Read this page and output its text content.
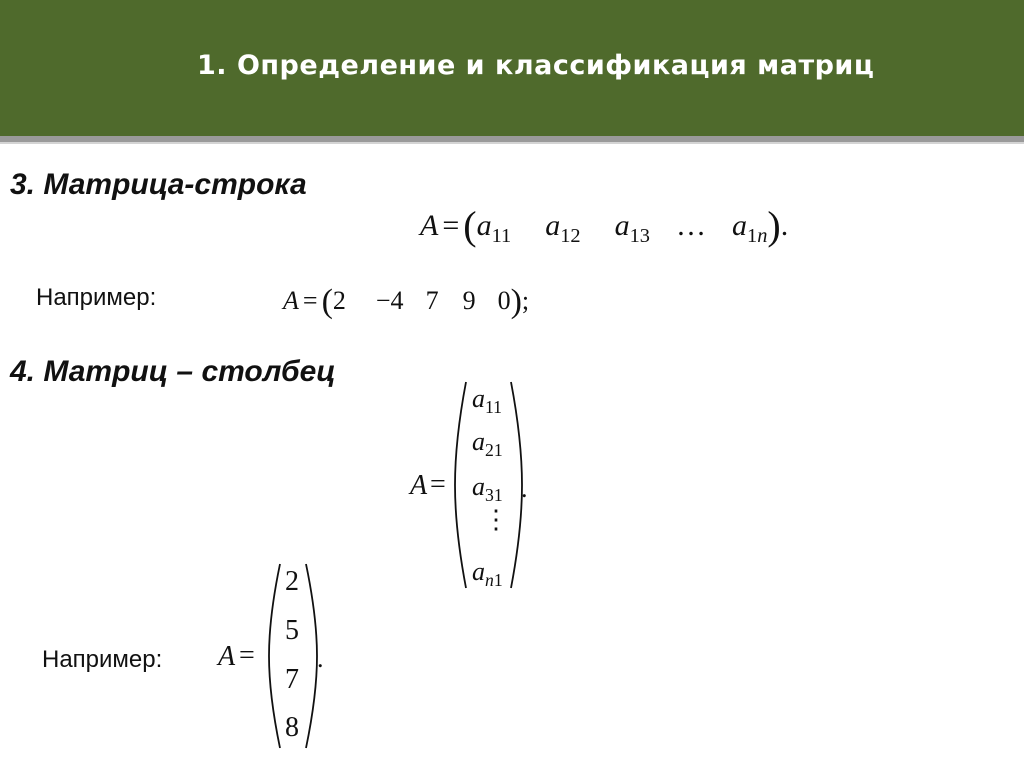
1. Определение и классификация матриц
3. Матрица-строка
$A = (a_{11}$ $a_{12}$ $a_{13}$ … $a_{1n}$).
Например:	A = (2 −4 7 9 0);
4. Матриц – столбец
A =
$a_{11}$
$a_{21}$
$a_{31}$
⋮
$a_{n1}$
.
Например: A =
2
5
7
8
.
